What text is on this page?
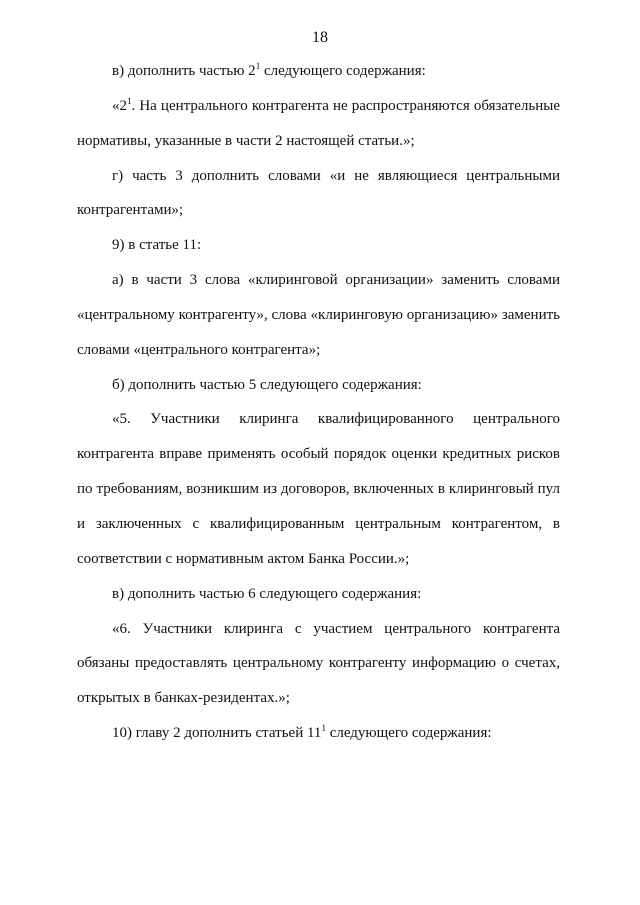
18
в) дополнить частью $2^1$ следующего содержания:
«$2^1$. На центрального контрагента не распространяются обязательные
нормативы, указанные в части 2 настоящей статьи.»;
г) часть 3 дополнить словами «и не являющиеся центральными
контрагентами»;
9) в статье 11:
а) в части 3 слова «клиринговой организации» заменить словами
«центральному контрагенту», слова «клиринговую организацию» заменить
словами «центрального контрагента»;
б) дополнить частью 5 следующего содержания:
«5. Участники клиринга квалифицированного центрального
контрагента вправе применять особый порядок оценки кредитных рисков
по требованиям, возникшим из договоров, включенных в клиринговый пул
и заключенных с квалифицированным центральным контрагентом, в
соответствии с нормативным актом Банка России.»;
в) дополнить частью 6 следующего содержания:
«6. Участники клиринга с участием центрального контрагента
обязаны предоставлять центральному контрагенту информацию о счетах,
открытых в банках-резидентах.»;
10) главу 2 дополнить статьей $11^1$ следующего содержания:
